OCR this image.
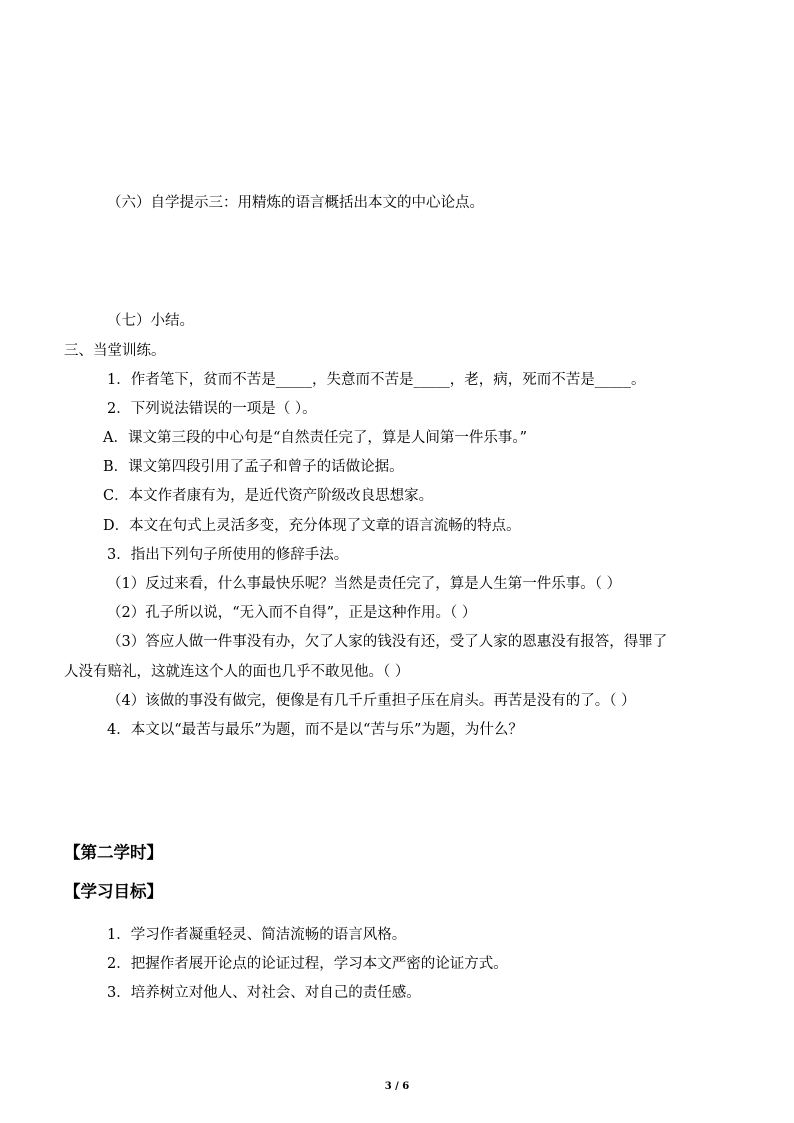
（六）自学提示三：用精炼的语言概括出本文的中心论点。
（七）小结。
三、当堂训练。
1．作者笔下，贫而不苦是_____，失意而不苦是_____，老，病，死而不苦是_____。
2．下列说法错误的一项是（ ）。
A．课文第三段的中心句是“自然责任完了，算是人间第一件乐事。”
B．课文第四段引用了孟子和曾子的话做论据。
C．本文作者康有为，是近代资产阶级改良思想家。
D．本文在句式上灵活多变，充分体现了文章的语言流畅的特点。
3．指出下列句子所使用的修辞手法。
（1）反过来看，什么事最快乐呢？当然是责任完了，算是人生第一件乐事。（ ）
（2）孔子所以说，“无入而不自得”，正是这种作用。（ ）
（3）答应人做一件事没有办，欠了人家的钱没有还，受了人家的恩惠没有报答，得罪了
人没有赔礼，这就连这个人的面也几乎不敢见他。（ ）
（4）该做的事没有做完，便像是有几千斤重担子压在肩头。再苦是没有的了。（ ）
4．本文以“最苦与最乐”为题，而不是以“苦与乐”为题，为什么？
【第二学时】
【学习目标】
1．学习作者凝重轻灵、简洁流畅的语言风格。
2．把握作者展开论点的论证过程，学习本文严密的论证方式。
3．培养树立对他人、对社会、对自己的责任感。
3 / 6
